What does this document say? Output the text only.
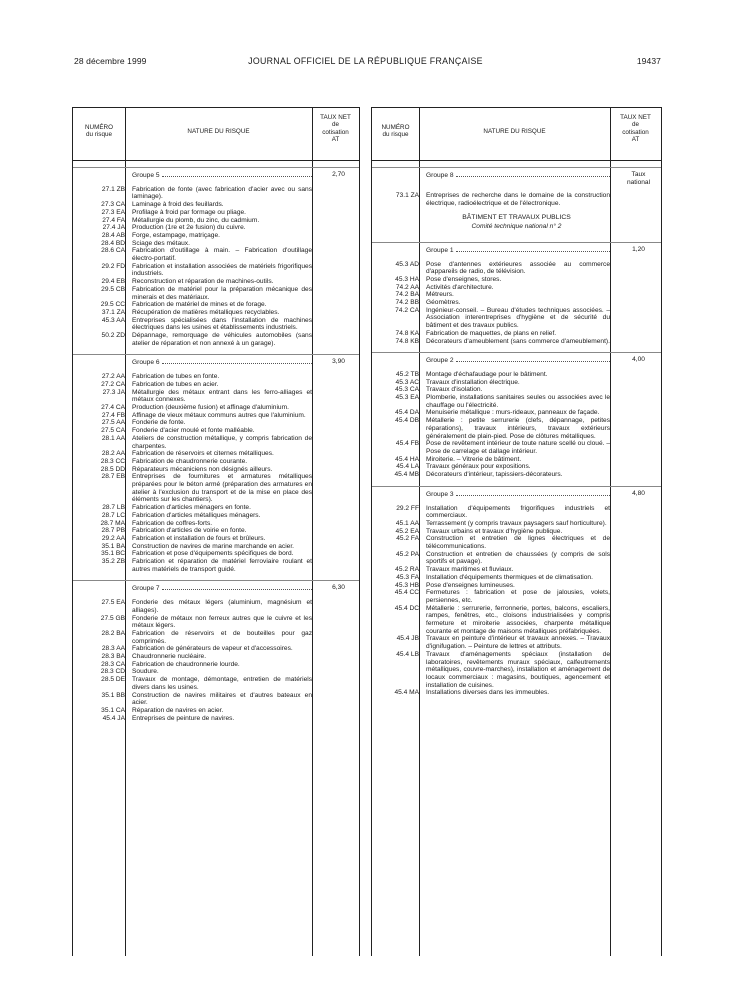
28 décembre 1999	JOURNAL OFFICIEL DE LA RÉPUBLIQUE FRANÇAISE	19437
NUMÉRO
du risque	NATURE DU RISQUE
TAUX NET
de
cotisation
AT
Groupe 5	2,70
27.1 ZB	Fabrication de fonte (avec fabrication d'acier avec ou sans laminage).
27.3 CA	Laminage à froid des feuillards.
27.3 EA	Profilage à froid par formage ou pliage.
27.4 FA	Métallurgie du plomb, du zinc, du cadmium.
27.4 JA	Production (1re et 2e fusion) du cuivre.
28.4 AB	Forge, estampage, matriçage.
28.4 BD	Sciage des métaux.
28.6 CA	Fabrication d'outillage à main. – Fabrication d'outillage électro-portatif.
29.2 FD	Fabrication et installation associées de matériels frigorifiques industriels.
29.4 EB	Reconstruction et réparation de machines-outils.
29.5 CB	Fabrication de matériel pour la préparation mécanique des minerais et des matériaux.
29.5 CC	Fabrication de matériel de mines et de forage.
37.1 ZA	Récupération de matières métalliques recyclables.
45.3 AA	Entreprises spécialisées dans l'installation de machines électriques dans les usines et établissements industriels.
50.2 ZD	Dépannage, remorquage de véhicules automobiles (sans atelier de réparation et non annexé à un garage).
Groupe 6	3,90
27.2 AA	Fabrication de tubes en fonte.
27.2 CA	Fabrication de tubes en acier.
27.3 JA	Métallurgie des métaux entrant dans les ferro-alliages et métaux connexes.
27.4 CA	Production (deuxième fusion) et affinage d'aluminium.
27.4 FB	Affinage de vieux métaux communs autres que l'aluminium.
27.5 AA	Fonderie de fonte.
27.5 CA	Fonderie d'acier moulé et fonte malléable.
28.1 AA	Ateliers de construction métallique, y compris fabrication de charpentes.
28.2 AA	Fabrication de réservoirs et citernes métalliques.
28.3 CC	Fabrication de chaudronnerie courante.
28.5 DD	Réparateurs mécaniciens non désignés ailleurs.
28.7 EB	Entreprises de fournitures et armatures métalliques préparées pour le béton armé (préparation des armatures en atelier à l'exclusion du transport et de la mise en place des éléments sur les chantiers).
28.7 LB	Fabrication d'articles ménagers en fonte.
28.7 LC	Fabrication d'articles métalliques ménagers.
28.7 MA	Fabrication de coffres-forts.
28.7 PB	Fabrication d'articles de voirie en fonte.
29.2 AA	Fabrication et installation de fours et brûleurs.
35.1 BA	Construction de navires de marine marchande en acier.
35.1 BC	Fabrication et pose d'équipements spécifiques de bord.
35.2 ZB	Fabrication et réparation de matériel ferroviaire roulant et autres matériels de transport guidé.
Groupe 7	6,30
27.5 EA	Fonderie des métaux légers (aluminium, magnésium et alliages).
27.5 GB	Fonderie de métaux non ferreux autres que le cuivre et les métaux légers.
28.2 BA	Fabrication de réservoirs et de bouteilles pour gaz comprimés.
28.3 AA	Fabrication de générateurs de vapeur et d'accessoires.
28.3 BA	Chaudronnerie nucléaire.
28.3 CA	Fabrication de chaudronnerie lourde.
28.3 CD	Soudure.
28.5 DE	Travaux de montage, démontage, entretien de matériels divers dans les usines.
35.1 BB	Construction de navires militaires et d'autres bateaux en acier.
35.1 CA	Réparation de navires en acier.
45.4 JA	Entreprises de peinture de navires.
NUMÉRO
du risque	NATURE DU RISQUE
TAUX NET
de
cotisation
AT
Groupe 8	Taux
national
73.1 ZA	Entreprises de recherche dans le domaine de la construction électrique, radioélectrique et de l'électronique.
BÂTIMENT ET TRAVAUX PUBLICS
Comité technique national n° 2
Groupe 1	1,20
45.3 AD	Pose d'antennes extérieures associée au commerce d'appareils de radio, de télévision.
45.3 HA	Pose d'enseignes, stores.
74.2 AA	Activités d'architecture.
74.2 BA	Métreurs.
74.2 BB	Géomètres.
74.2 CA	Ingénieur-conseil. – Bureau d'études techniques associées. – Association interentreprises d'hygiène et de sécurité du bâtiment et des travaux publics.
74.8 KA	Fabrication de maquettes, de plans en relief.
74.8 KB	Décorateurs d'ameublement (sans commerce d'ameublement).
Groupe 2	4,00
45.2 TB	Montage d'échafaudage pour le bâtiment.
45.3 AC	Travaux d'installation électrique.
45.3 CA	Travaux d'isolation.
45.3 EA	Plomberie, installations sanitaires seules ou associées avec le chauffage ou l'électricité.
45.4 DA	Menuiserie métallique : murs-rideaux, panneaux de façade.
45.4 DB	Métallerie : petite serrurerie (clefs, dépannage, petites réparations), travaux intérieurs, travaux extérieurs généralement de plain-pied. Pose de clôtures métalliques.
45.4 FB	Pose de revêtement intérieur de toute nature scellé ou cloué. – Pose de carrelage et dallage intérieur.
45.4 HA	Miroiterie. – Vitrerie de bâtiment.
45.4 LA	Travaux généraux pour expositions.
45.4 MB	Décorateurs d'intérieur, tapissiers-décorateurs.
Groupe 3	4,80
29.2 FF	Installation d'équipements frigorifiques industriels et commerciaux.
45.1 AA	Terrassement (y compris travaux paysagers sauf horticulture).
45.2 EA	Travaux urbains et travaux d'hygiène publique.
45.2 FA	Construction et entretien de lignes électriques et de télécommunications.
45.2 PA	Construction et entretien de chaussées (y compris de sols sportifs et pavage).
45.2 RA	Travaux maritimes et fluviaux.
45.3 FA	Installation d'équipements thermiques et de climatisation.
45.3 HB	Pose d'enseignes lumineuses.
45.4 CC	Fermetures : fabrication et pose de jalousies, volets, persiennes, etc.
45.4 DC	Métallerie : serrurerie, ferronnerie, portes, balcons, escaliers, rampes, fenêtres, etc., cloisons industrialisées y compris fermeture et miroiterie associées, charpente métallique courante et montage de maisons métalliques préfabriquées.
45.4 JB	Travaux en peinture d'intérieur et travaux annexes. – Travaux d'ignifugation. – Peinture de lettres et attributs.
45.4 LB	Travaux d'aménagements spéciaux (installation de laboratoires, revêtements muraux spéciaux, calfeutrements métalliques, couvre-marches), installation et aménagement de locaux commerciaux : magasins, boutiques, agencement et installation de cuisines.
45.4 MA	Installations diverses dans les immeubles.
